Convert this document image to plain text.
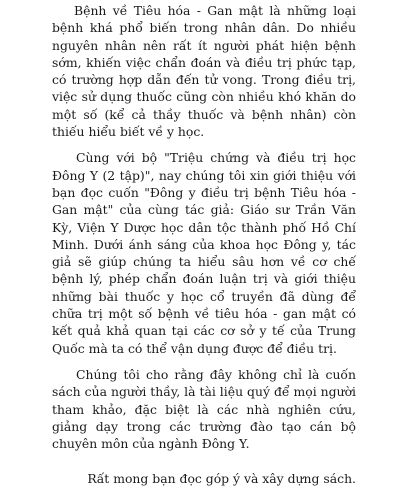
Bệnh về Tiêu hóa - Gan mật là những loại bệnh khá phổ biến trong nhân dân. Do nhiều nguyên nhân nên rất ít người phát hiện bệnh sớm, khiến việc chẩn đoán và điều trị phức tạp, có trường hợp dẫn đến tử vong. Trong điều trị, việc sử dụng thuốc cũng còn nhiều khó khăn do một số (kể cả thầy thuốc và bệnh nhân) còn thiếu hiểu biết về y học.

Cùng với bộ "Triệu chứng và điều trị học Đông Y (2 tập)", nay chúng tôi xin giới thiệu với bạn đọc cuốn "Đông y điều trị bệnh Tiêu hóa - Gan mật" của cùng tác giả: Giáo sư Trần Văn Kỳ, Viện Y Dược học dân tộc thành phố Hồ Chí Minh. Dưới ánh sáng của khoa học Đông y, tác giả sẽ giúp chúng ta hiểu sâu hơn về cơ chế bệnh lý, phép chẩn đoán luận trị và giới thiệu những bài thuốc y học cổ truyền đã dùng để chữa trị một số bệnh về tiêu hóa - gan mật có kết quả khả quan tại các cơ sở y tế của Trung Quốc mà ta có thể vận dụng được để điều trị.

Chúng tôi cho rằng đây không chỉ là cuốn sách của người thầy, là tài liệu quý để mọi người tham khảo, đặc biệt là các nhà nghiên cứu, giảng dạy trong các trường đào tạo cán bộ chuyên môn của ngành Đông Y.

Rất mong bạn đọc góp ý và xây dựng sách.
